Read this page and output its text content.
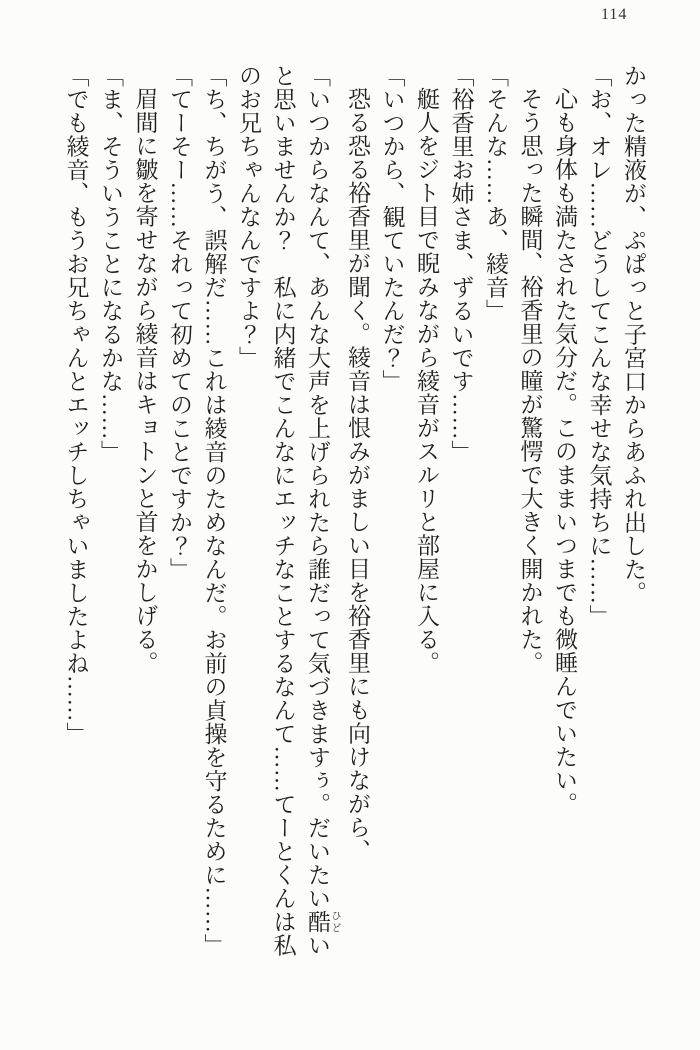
114
かった精液が、ぷぱっと子宮口からあふれ出した。
「お、オレ……どうしてこんな幸せな気持ちに……」
心も身体も満たされた気分だ。このままいつまでも微睡んでいたい。
そう思った瞬間、裕香里の瞳が驚愕で大きく開かれた。
「そんな……あ、綾音」
「裕香里お姉さま、ずるいです……」
艇人をジト目で睨みながら綾音がスルリと部屋に入る。
「いつから、観ていたんだ？」
恐る恐る裕香里が聞く。綾音は恨みがましい目を裕香里にも向けながら、
「いつからなんて、あんな大声を上げられたら誰だって気づきますぅ。だいたい酷 ひどい
と思いませんか？　私に内緒でこんなにエッチなことするなんて……てーとくんは私
のお兄ちゃんなんですよ？」
「ち、ちがう、誤解だ……これは綾音のためなんだ。お前の貞操を守るために……」
「てーそー……それって初めてのことですか？」
眉間に皺を寄せながら綾音はキョトンと首をかしげる。
「ま、そういうことになるかな……」
「でも綾音、もうお兄ちゃんとエッチしちゃいましたよね……」
